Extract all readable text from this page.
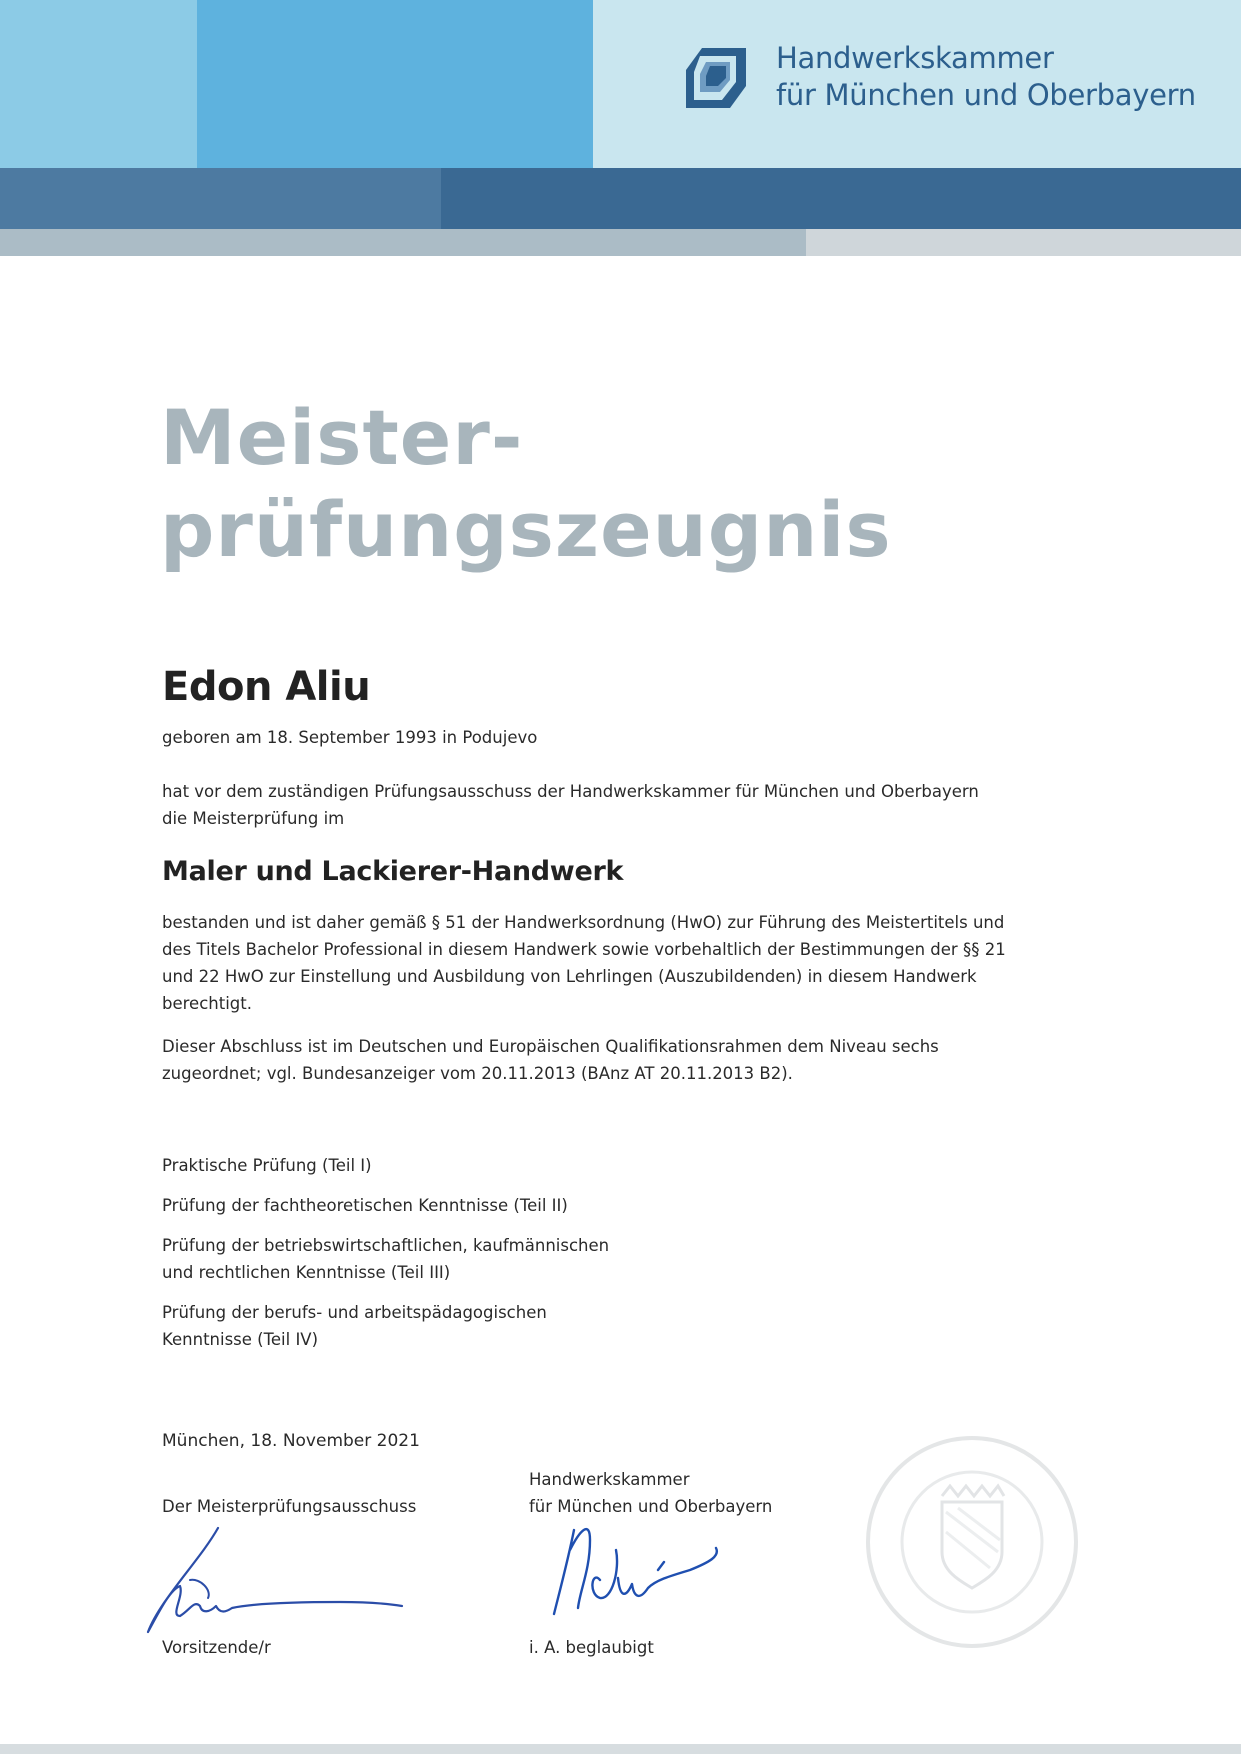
Handwerkskammer
für München und Oberbayern
Meister-
prüfungszeugnis
Edon Aliu
geboren am 18. September 1993 in Podujevo
hat vor dem zuständigen Prüfungsausschuss der Handwerkskammer für München und Oberbayern
die Meisterprüfung im
Maler und Lackierer-Handwerk
bestanden und ist daher gemäß § 51 der Handwerksordnung (HwO) zur Führung des Meistertitels und des Titels Bachelor Professional in diesem Handwerk sowie vorbehaltlich der Bestimmungen der §§ 21 und 22 HwO zur Einstellung und Ausbildung von Lehrlingen (Auszubildenden) in diesem Handwerk berechtigt.
Dieser Abschluss ist im Deutschen und Europäischen Qualifikationsrahmen dem Niveau sechs zugeordnet; vgl. Bundesanzeiger vom 20.11.2013 (BAnz AT 20.11.2013 B2).
Praktische Prüfung (Teil I)
Prüfung der fachtheoretischen Kenntnisse (Teil II)
Prüfung der betriebswirtschaftlichen, kaufmännischen
und rechtlichen Kenntnisse (Teil III)
Prüfung der berufs- und arbeitspädagogischen
Kenntnisse (Teil IV)
München, 18. November 2021
Der Meisterprüfungsausschuss
Handwerkskammer
für München und Oberbayern
Vorsitzende/r	i. A. beglaubigt
